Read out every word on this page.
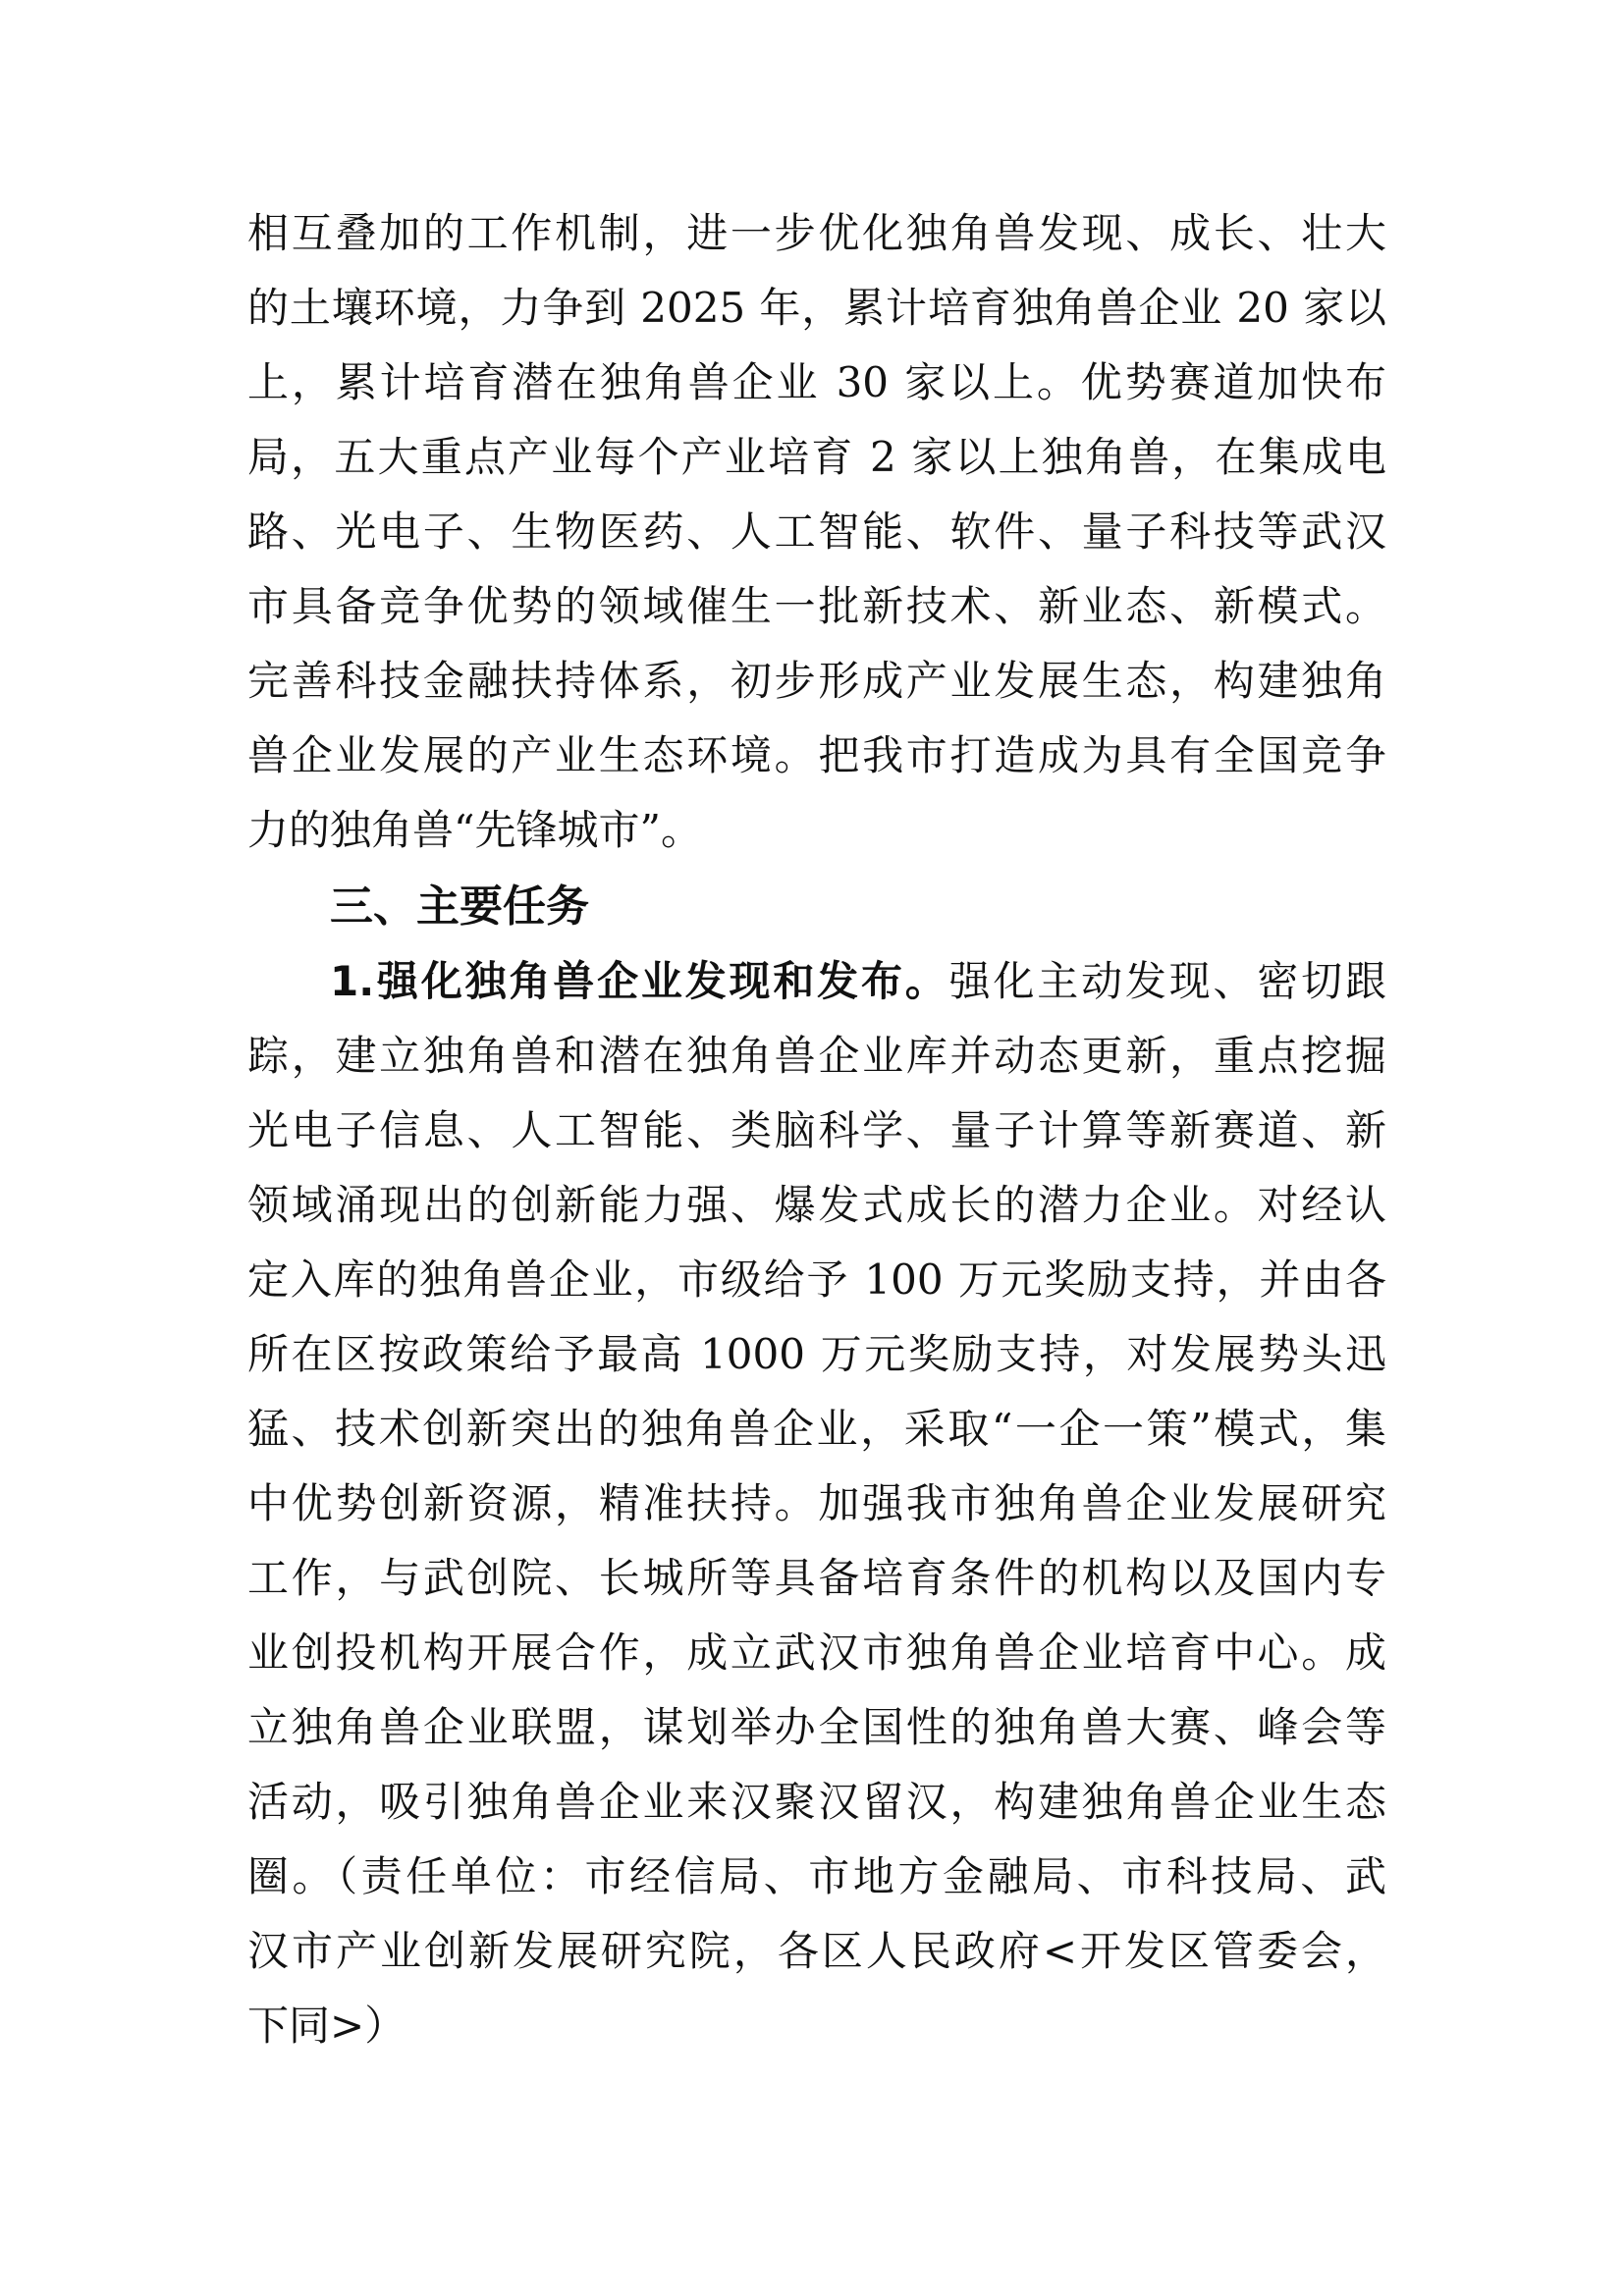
相互叠加的工作机制，进一步优化独角兽发现、成长、壮大
的土壤环境，力争到 2025 年，累计培育独角兽企业 20 家以
上，累计培育潜在独角兽企业 30 家以上。优势赛道加快布
局，五大重点产业每个产业培育 2 家以上独角兽，在集成电
路、光电子、生物医药、人工智能、软件、量子科技等武汉
市具备竞争优势的领域催生一批新技术、新业态、新模式。
完善科技金融扶持体系，初步形成产业发展生态，构建独角
兽企业发展的产业生态环境。把我市打造成为具有全国竞争
力的独角兽“先锋城市”。
三、主要任务
1.强化独角兽企业发现和发布。强化主动发现、密切跟
踪，建立独角兽和潜在独角兽企业库并动态更新，重点挖掘
光电子信息、人工智能、类脑科学、量子计算等新赛道、新
领域涌现出的创新能力强、爆发式成长的潜力企业。对经认
定入库的独角兽企业，市级给予 100 万元奖励支持，并由各
所在区按政策给予最高 1000 万元奖励支持，对发展势头迅
猛、技术创新突出的独角兽企业，采取“一企一策”模式，集
中优势创新资源，精准扶持。加强我市独角兽企业发展研究
工作，与武创院、长城所等具备培育条件的机构以及国内专
业创投机构开展合作，成立武汉市独角兽企业培育中心。成
立独角兽企业联盟，谋划举办全国性的独角兽大赛、峰会等
活动，吸引独角兽企业来汉聚汉留汉，构建独角兽企业生态
圈。（责任单位：市经信局、市地方金融局、市科技局、武
汉市产业创新发展研究院，各区人民政府<开发区管委会，
下同>）
